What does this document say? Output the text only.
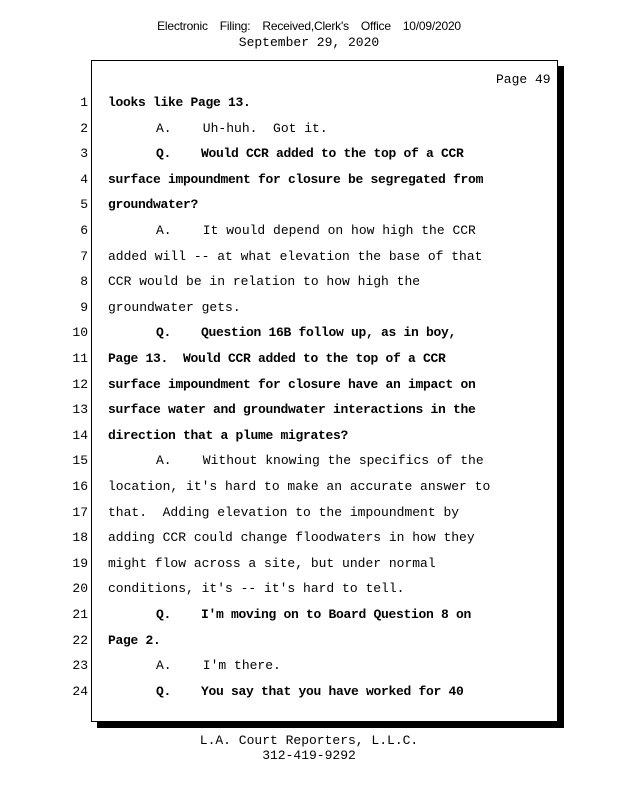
Electronic Filing: Received,Clerk's Office 10/09/2020
September 29, 2020
Page 49
1 looks like Page 13.
2	A.    Uh-huh.  Got it.
3	Q.    Would CCR added to the top of a CCR
4 surface impoundment for closure be segregated from
5 groundwater?
6	A.    It would depend on how high the CCR
7 added will -- at what elevation the base of that
8 CCR would be in relation to how high the
9 groundwater gets.
10	Q.    Question 16B follow up, as in boy,
11 Page 13.  Would CCR added to the top of a CCR
12 surface impoundment for closure have an impact on
13 surface water and groundwater interactions in the
14 direction that a plume migrates?
15	A.    Without knowing the specifics of the
16 location, it's hard to make an accurate answer to
17 that.  Adding elevation to the impoundment by
18 adding CCR could change floodwaters in how they
19 might flow across a site, but under normal
20 conditions, it's -- it's hard to tell.
21	Q.    I'm moving on to Board Question 8 on
22 Page 2.
23	A.    I'm there.
24	Q.    You say that you have worked for 40
L.A. Court Reporters, L.L.C.
312-419-9292
